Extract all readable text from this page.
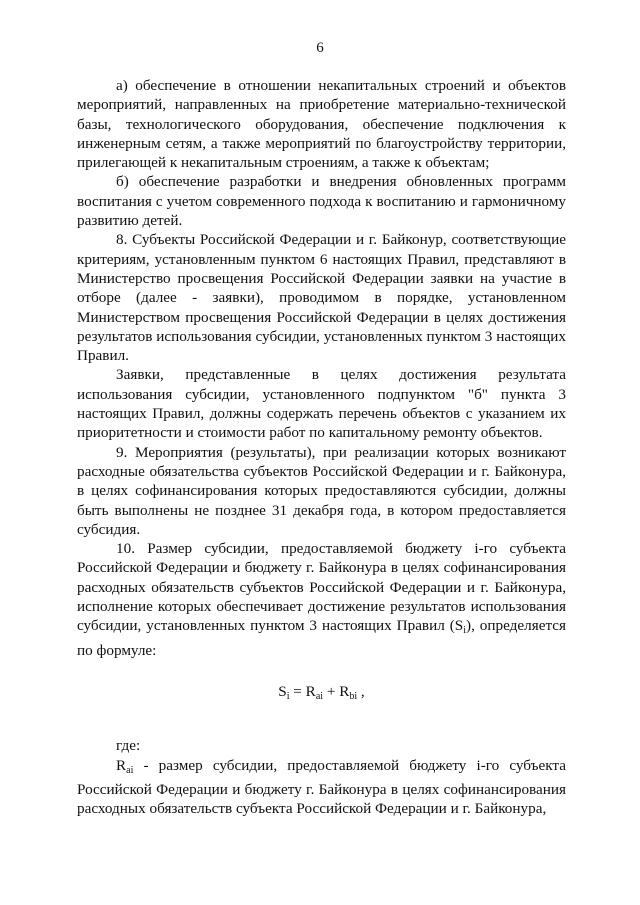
6

а) обеспечение в отношении некапитальных строений и объектов мероприятий, направленных на приобретение материально-технической базы, технологического оборудования, обеспечение подключения к инженерным сетям, а также мероприятий по благоустройству территории, прилегающей к некапитальным строениям, а также к объектам;

б) обеспечение разработки и внедрения обновленных программ воспитания с учетом современного подхода к воспитанию и гармоничному развитию детей.

8. Субъекты Российской Федерации и г. Байконур, соответствующие критериям, установленным пунктом 6 настоящих Правил, представляют в Министерство просвещения Российской Федерации заявки на участие в отборе (далее - заявки), проводимом в порядке, установленном Министерством просвещения Российской Федерации в целях достижения результатов использования субсидии, установленных пунктом 3 настоящих Правил.

Заявки, представленные в целях достижения результата использования субсидии, установленного подпунктом "б" пункта 3 настоящих Правил, должны содержать перечень объектов с указанием их приоритетности и стоимости работ по капитальному ремонту объектов.

9. Мероприятия (результаты), при реализации которых возникают расходные обязательства субъектов Российской Федерации и г. Байконура, в целях софинансирования которых предоставляются субсидии, должны быть выполнены не позднее 31 декабря года, в котором предоставляется субсидия.

10. Размер субсидии, предоставляемой бюджету i-го субъекта Российской Федерации и бюджету г. Байконура в целях софинансирования расходных обязательств субъектов Российской Федерации и г. Байконура, исполнение которых обеспечивает достижение результатов использования субсидии, установленных пунктом 3 настоящих Правил $(S_i)$, определяется по формуле:

$S_i = R_{ai} + R_{bi}$ ,

где:

$R_{ai}$ - размер субсидии, предоставляемой бюджету i-го субъекта Российской Федерации и бюджету г. Байконура в целях софинансирования расходных обязательств субъекта Российской Федерации и г. Байконура,
